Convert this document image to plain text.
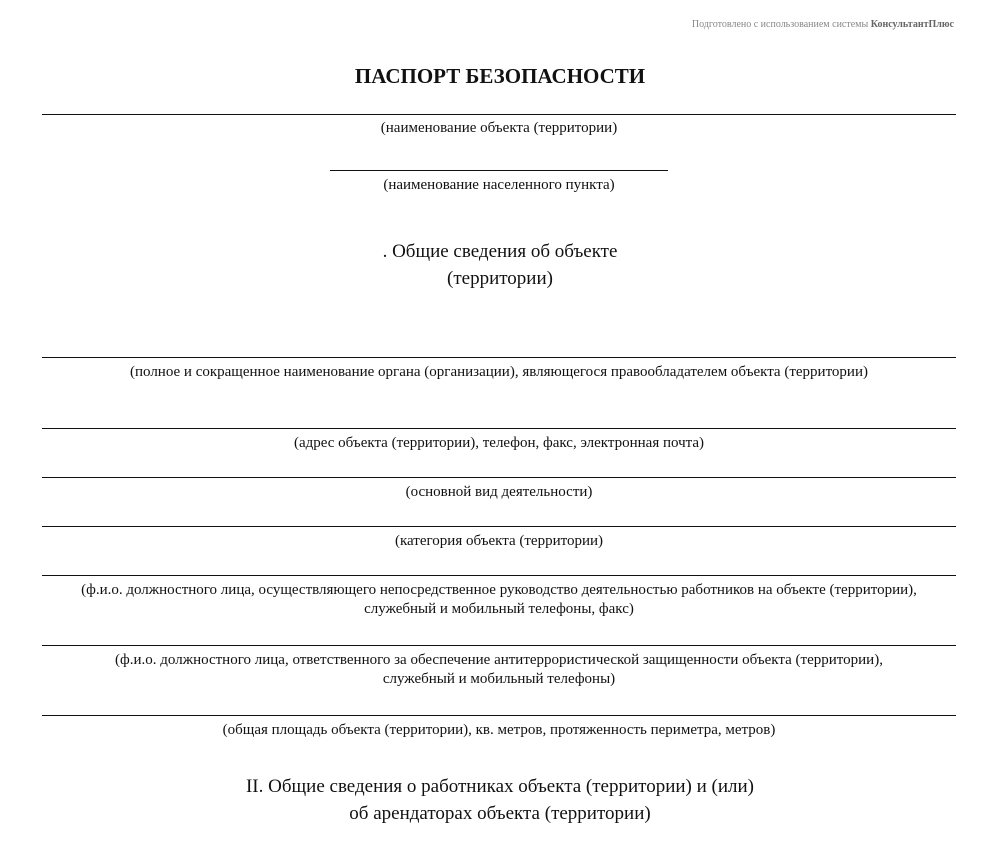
Подготовлено с использованием системы КонсультантПлюс
ПАСПОРТ БЕЗОПАСНОСТИ
(наименование объекта (территории)
(наименование населенного пункта)
. Общие сведения об объекте
(территории)
(полное и сокращенное наименование органа (организации), являющегося правообладателем объекта (территории)
(адрес объекта (территории), телефон, факс, электронная почта)
(основной вид деятельности)
(категория объекта (территории)
(ф.и.о. должностного лица, осуществляющего непосредственное руководство деятельностью работников на объекте (территории), служебный и мобильный телефоны, факс)
(ф.и.о. должностного лица, ответственного за обеспечение антитеррористической защищенности объекта (территории), служебный и мобильный телефоны)
(общая площадь объекта (территории), кв. метров, протяженность периметра, метров)
II. Общие сведения о работниках объекта (территории) и (или)
об арендаторах объекта (территории)
